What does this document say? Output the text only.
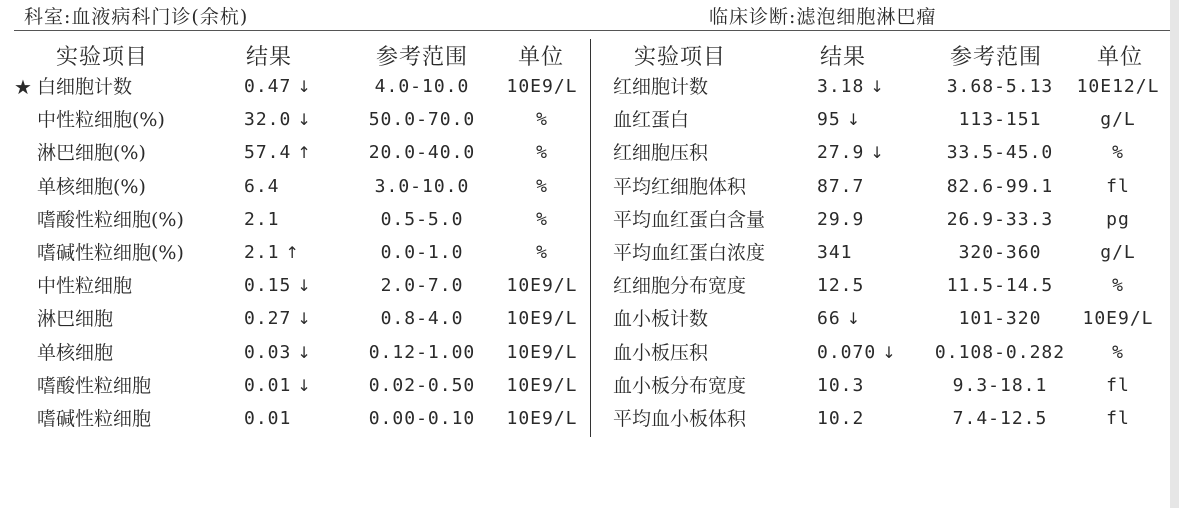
科室:血液病科门诊(余杭)	临床诊断:滤泡细胞淋巴瘤
实验项目	结果	参考范围 单位	实验项目	结果	参考范围 单位
★ 白细胞计数	0.47 ↓	4.0-10.0	10E9/L
中性粒细胞(%)	32.0 ↓	50.0-70.0	%
淋巴细胞(%)	57.4 ↑	20.0-40.0	%
单核细胞(%)	6.4	3.0-10.0	%
嗜酸性粒细胞(%)	2.1	0.5-5.0	%
嗜碱性粒细胞(%)	2.1 ↑	0.0-1.0	%
中性粒细胞	0.15 ↓	2.0-7.0	10E9/L
淋巴细胞	0.27 ↓	0.8-4.0	10E9/L
单核细胞	0.03 ↓	0.12-1.00	10E9/L
嗜酸性粒细胞	0.01 ↓	0.02-0.50	10E9/L
嗜碱性粒细胞	0.01	0.00-0.10	10E9/L
红细胞计数	3.18 ↓	3.68-5.13	10E12/L
血红蛋白	95 ↓	113-151	g/L
红细胞压积	27.9 ↓	33.5-45.0	%
平均红细胞体积	87.7	82.6-99.1	fl
平均血红蛋白含量	29.9	26.9-33.3	pg
平均血红蛋白浓度	341	320-360	g/L
红细胞分布宽度	12.5	11.5-14.5	%
血小板计数	66 ↓	101-320	10E9/L
血小板压积	0.070 ↓	0.108-0.282	%
血小板分布宽度	10.3	9.3-18.1	fl
平均血小板体积	10.2	7.4-12.5	fl
